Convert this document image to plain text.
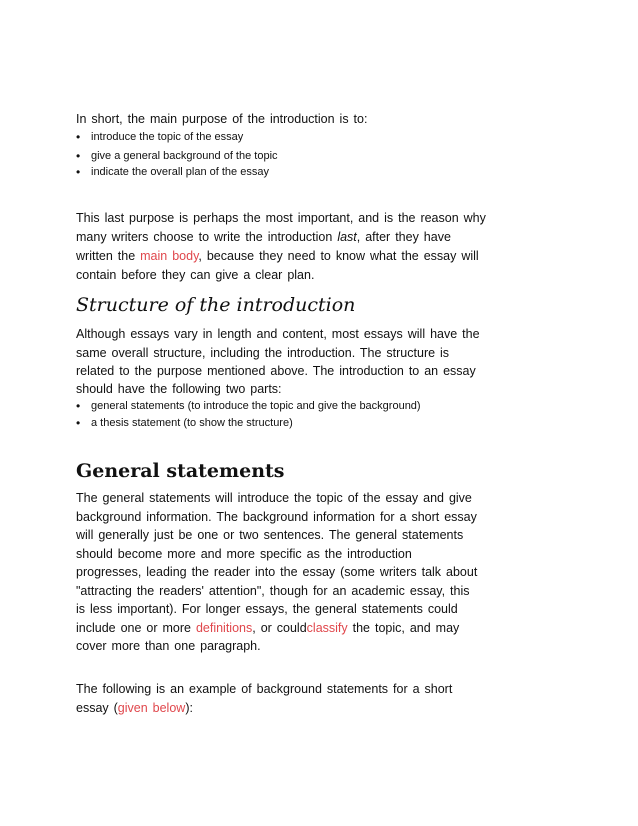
In short, the main purpose of the introduction is to:
• introduce the topic of the essay
• give a general background of the topic
• indicate the overall plan of the essay
This last purpose is perhaps the most important, and is the reason why
many writers choose to write the introduction last, after they have
written the main body, because they need to know what the essay will
contain before they can give a clear plan.
Structure of the introduction
Although essays vary in length and content, most essays will have the
same overall structure, including the introduction. The structure is
related to the purpose mentioned above. The introduction to an essay
should have the following two parts:
• general statements (to introduce the topic and give the background)
• a thesis statement (to show the structure)
General statements
The general statements will introduce the topic of the essay and give
background information. The background information for a short essay
will generally just be one or two sentences. The general statements
should become more and more specific as the introduction
progresses, leading the reader into the essay (some writers talk about
"attracting the readers' attention", though for an academic essay, this
is less important). For longer essays, the general statements could
include one or more definitions, or couldclassify the topic, and may
cover more than one paragraph.
The following is an example of background statements for a short
essay (given below):
